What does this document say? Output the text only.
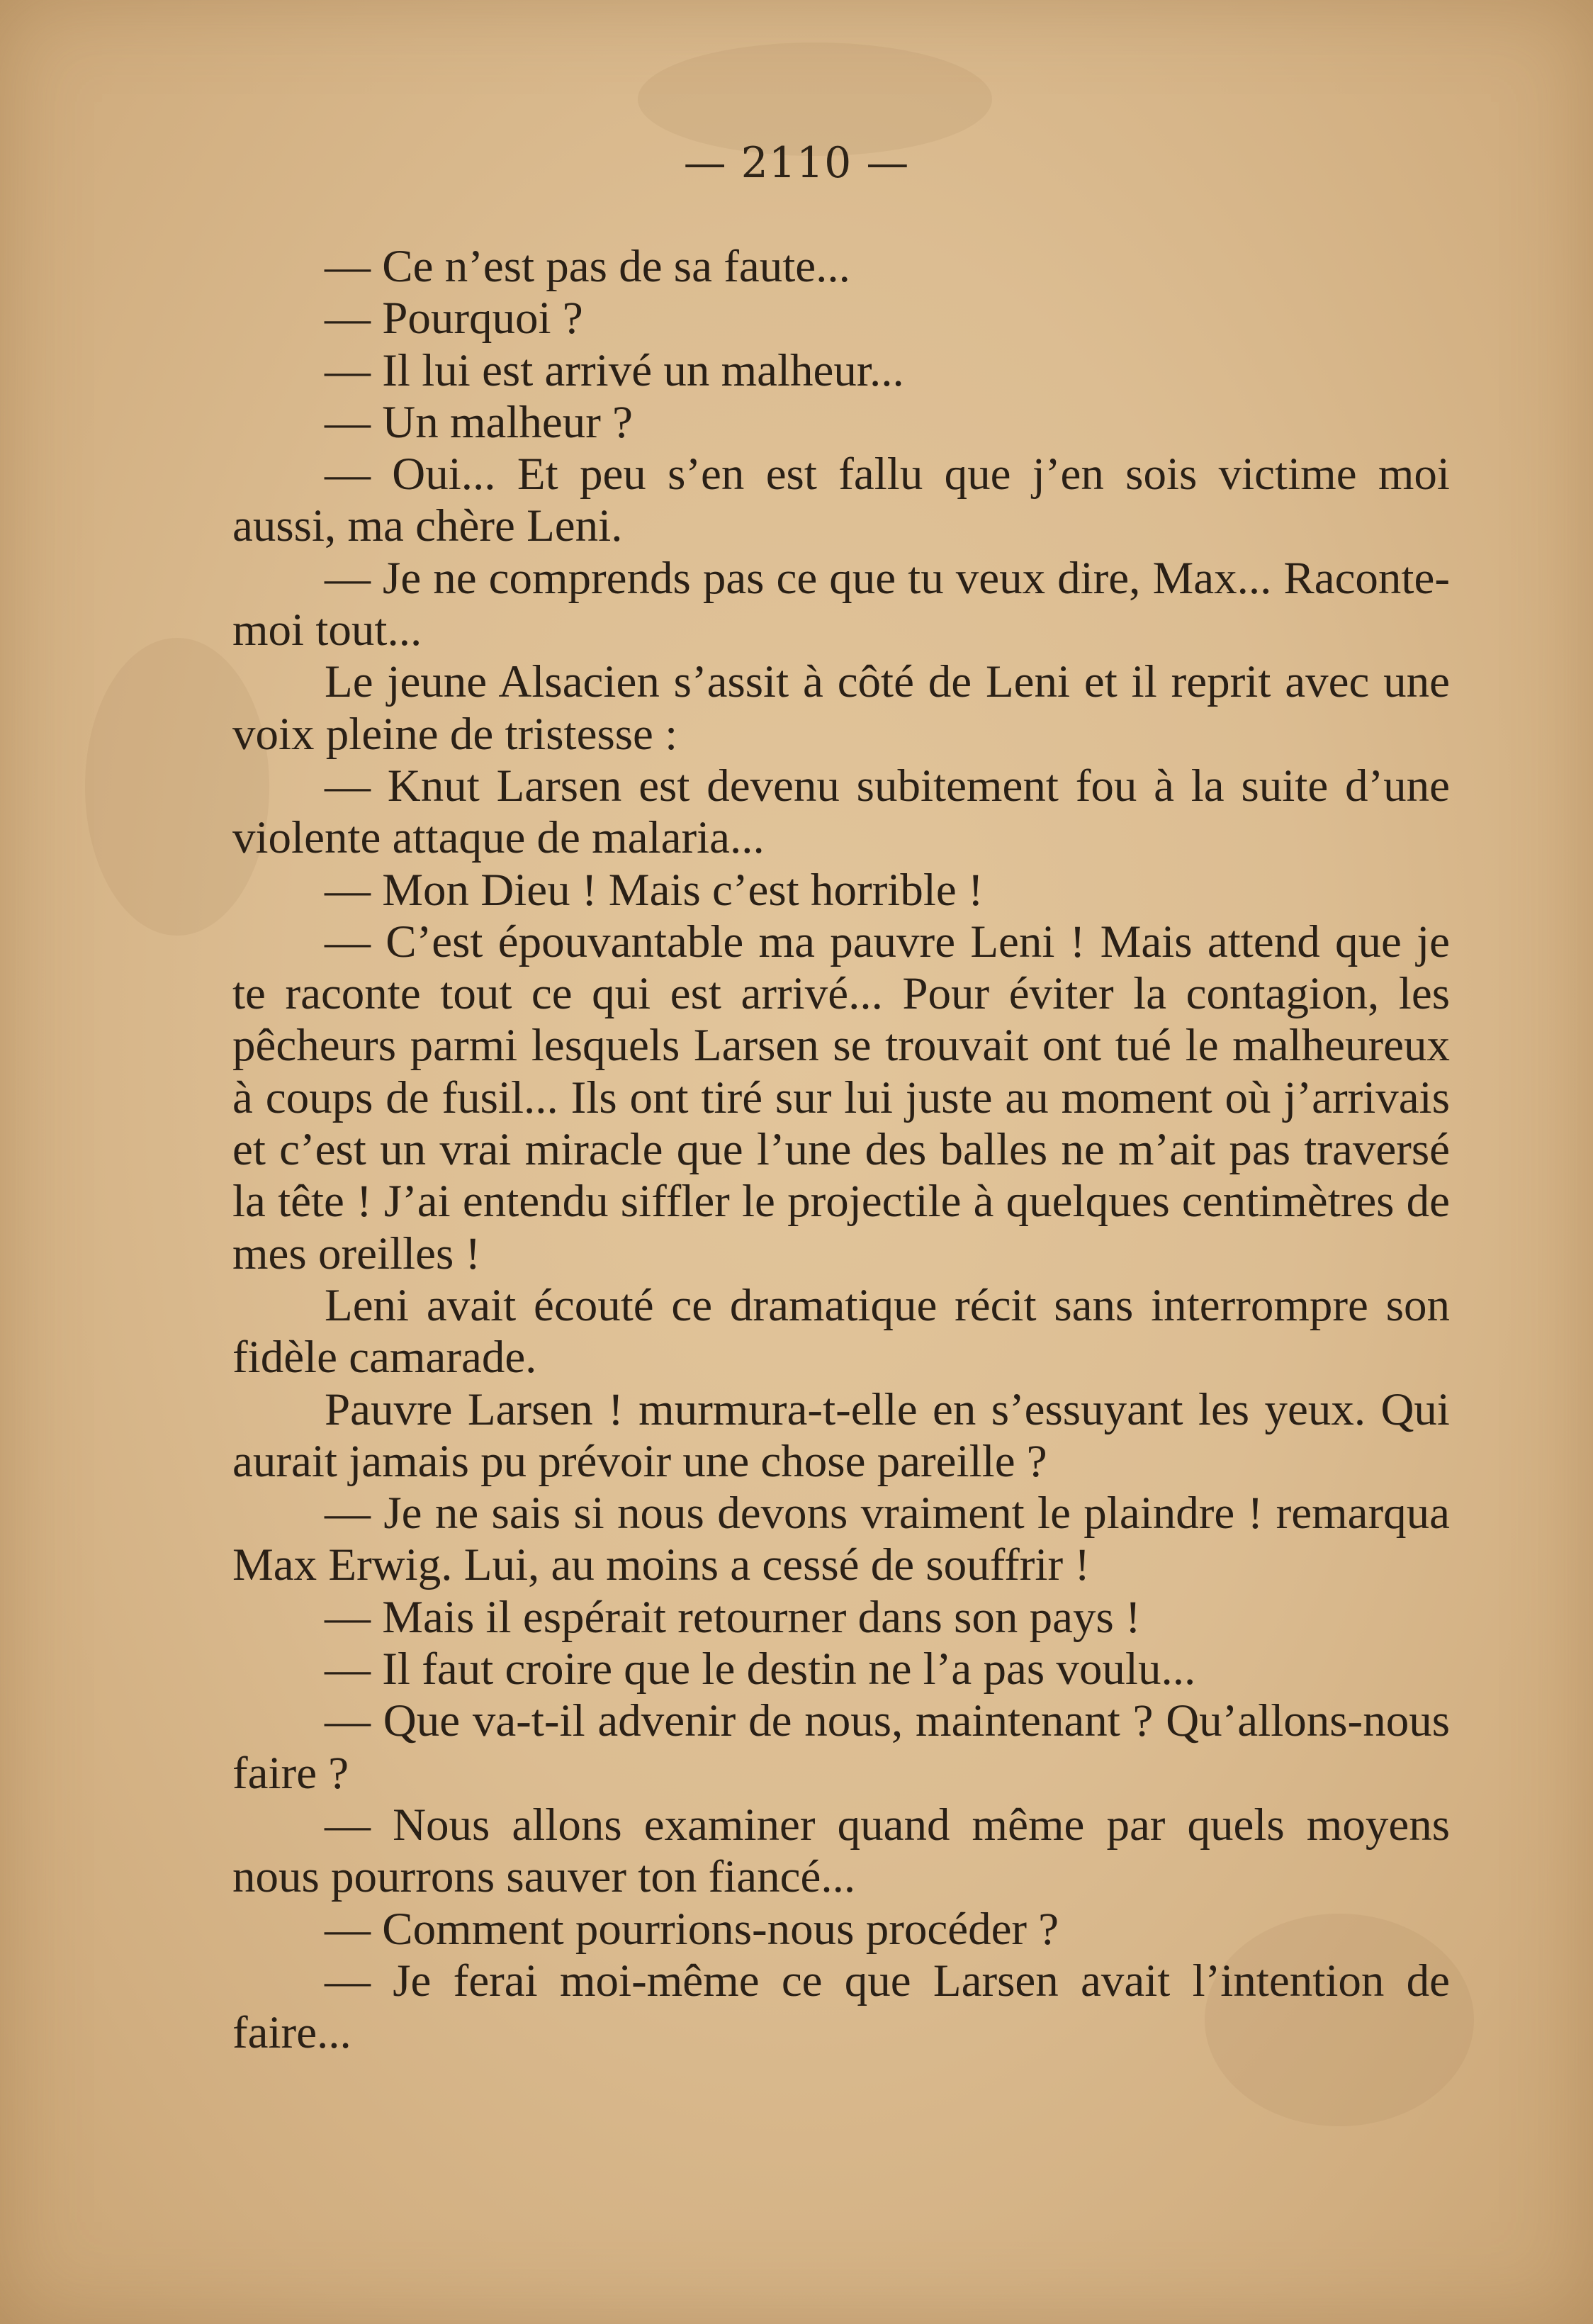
— 2110 —

— Ce n’est pas de sa faute...

— Pourquoi ?

— Il lui est arrivé un malheur...

— Un malheur ?

— Oui... Et peu s’en est fallu que j’en sois victime moi aussi, ma chère Leni.

— Je ne comprends pas ce que tu veux dire, Max... Raconte-moi tout...

Le jeune Alsacien s’assit à côté de Leni et il reprit avec une voix pleine de tristesse :

— Knut Larsen est devenu subitement fou à la suite d’une violente attaque de malaria...

— Mon Dieu ! Mais c’est horrible !

— C’est épouvantable ma pauvre Leni ! Mais attend que je te raconte tout ce qui est arrivé... Pour éviter la contagion, les pêcheurs parmi lesquels Larsen se trouvait ont tué le malheureux à coups de fusil... Ils ont tiré sur lui juste au moment où j’arrivais et c’est un vrai miracle que l’une des balles ne m’ait pas traversé la tête ! J’ai entendu siffler le projectile à quelques centimètres de mes oreilles !

Leni avait écouté ce dramatique récit sans interrompre son fidèle camarade.

Pauvre Larsen ! murmura-t-elle en s’essuyant les yeux. Qui aurait jamais pu prévoir une chose pareille ?

— Je ne sais si nous devons vraiment le plaindre ! remarqua Max Erwig. Lui, au moins a cessé de souffrir !

— Mais il espérait retourner dans son pays !

— Il faut croire que le destin ne l’a pas voulu...

— Que va-t-il advenir de nous, maintenant ? Qu’allons-nous faire ?

— Nous allons examiner quand même par quels moyens nous pourrons sauver ton fiancé...

— Comment pourrions-nous procéder ?

— Je ferai moi-même ce que Larsen avait l’intention de faire...
